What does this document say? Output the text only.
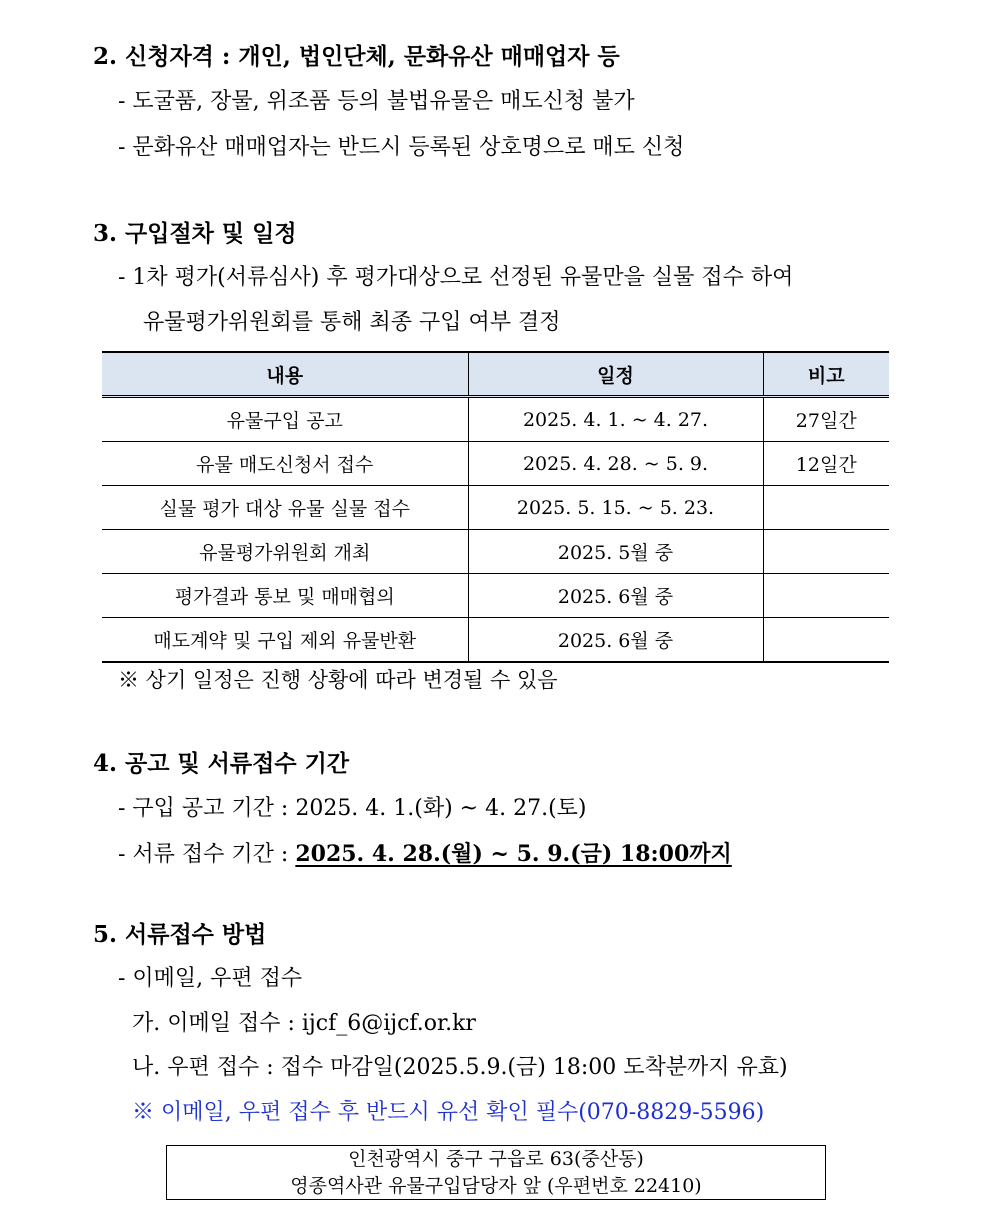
2. 신청자격 : 개인, 법인단체, 문화유산 매매업자 등
- 도굴품, 장물, 위조품 등의 불법유물은 매도신청 불가
- 문화유산 매매업자는 반드시 등록된 상호명으로 매도 신청
3. 구입절차 및 일정
- 1차 평가(서류심사) 후 평가대상으로 선정된 유물만을 실물 접수 하여
유물평가위원회를 통해 최종 구입 여부 결정
내용	일정	비고
유물구입 공고	2025. 4. 1. ~ 4. 27.	27일간
유물 매도신청서 접수	2025. 4. 28. ~ 5. 9.	12일간
실물 평가 대상 유물 실물 접수	2025. 5. 15. ~ 5. 23.	
유물평가위원회 개최	2025. 5월 중	
평가결과 통보 및 매매협의	2025. 6월 중	
매도계약 및 구입 제외 유물반환	2025. 6월 중	
※ 상기 일정은 진행 상황에 따라 변경될 수 있음
4. 공고 및 서류접수 기간
- 구입 공고 기간 : 2025. 4. 1.(화) ~ 4. 27.(토)
- 서류 접수 기간 : 2025. 4. 28.(월) ~ 5. 9.(금) 18:00까지
5. 서류접수 방법
- 이메일, 우편 접수
가. 이메일 접수 : ijcf_6@ijcf.or.kr
나. 우편 접수 : 접수 마감일(2025.5.9.(금) 18:00 도착분까지 유효)
※ 이메일, 우편 접수 후 반드시 유선 확인 필수(070-8829-5596)
인천광역시 중구 구읍로 63(중산동)
영종역사관 유물구입담당자 앞 (우편번호 22410)
